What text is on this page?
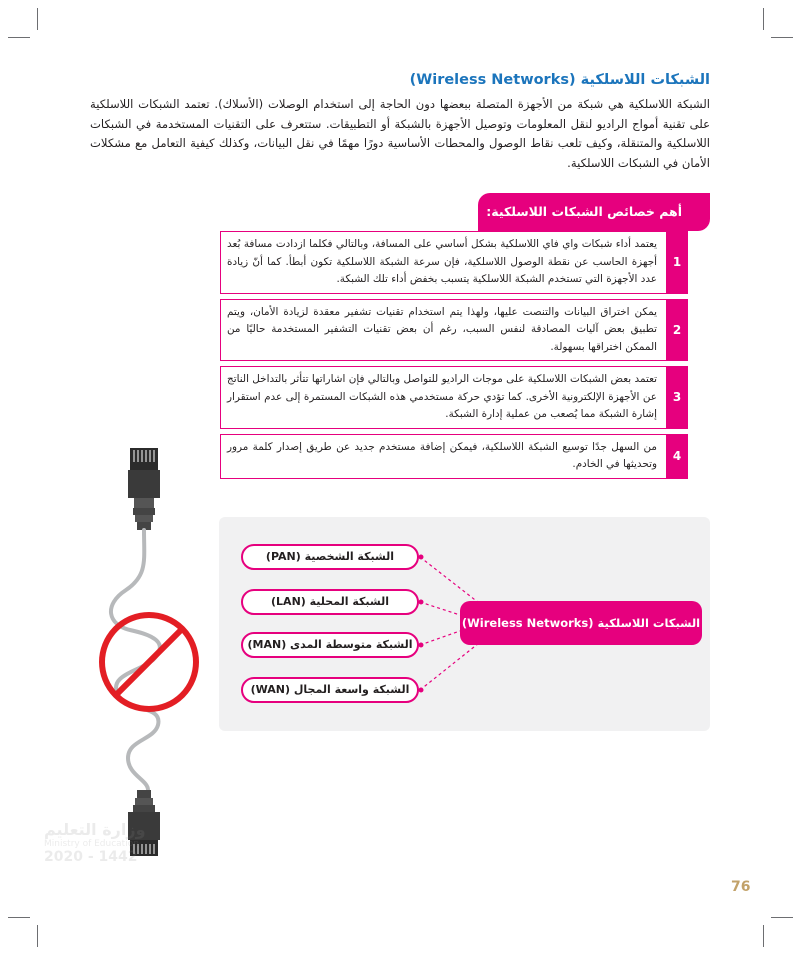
الشبكات اللاسلكية (Wireless Networks)
الشبكة اللاسلكية هي شبكة من الأجهزة المتصلة ببعضها دون الحاجة إلى استخدام الوصلات (الأسلاك). تعتمد الشبكات اللاسلكية على تقنية أمواج الراديو لنقل المعلومات وتوصيل الأجهزة بالشبكة أو التطبيقات. ستتعرف على التقنيات المستخدمة في الشبكات اللاسلكية والمتنقلة، وكيف تلعب نقاط الوصول والمحطات الأساسية دورًا مهمًا في نقل البيانات، وكذلك كيفية التعامل مع مشكلات الأمان في الشبكات اللاسلكية.
أهم خصائص الشبكات اللاسلكية:
1
يعتمد أداء شبكات واي فاي اللاسلكية بشكل أساسي على المسافة، وبالتالي فكلما ازدادت مسافة بُعد أجهزة الحاسب عن نقطة الوصول اللاسلكية، فإن سرعة الشبكة اللاسلكية تكون أبطأ. كما أنّ زيادة عدد الأجهزة التي تستخدم الشبكة اللاسلكية يتسبب بخفض أداء تلك الشبكة.
2
يمكن اختراق البيانات والتنصت عليها، ولهذا يتم استخدام تقنيات تشفير معقدة لزيادة الأمان، ويتم تطبيق بعض آليات المصادقة لنفس السبب، رغم أن بعض تقنيات التشفير المستخدمة حاليًا من الممكن اختراقها بسهولة.
3
تعتمد بعض الشبكات اللاسلكية على موجات الراديو للتواصل وبالتالي فإن اشاراتها تتأثر بالتداخل الناتج عن الأجهزة الإلكترونية الأخرى. كما تؤدي حركة مستخدمي هذه الشبكات المستمرة إلى عدم استقرار إشارة الشبكة مما يُصعب من عملية إدارة الشبكة.
4
من السهل جدًا توسيع الشبكة اللاسلكية، فيمكن إضافة مستخدم جديد عن طريق إصدار كلمة مرور وتحديثها في الخادم.
الشبكة الشخصية (PAN)
الشبكة المحلية (LAN)
الشبكة متوسطة المدى (MAN)
الشبكة واسعة المجال (WAN)
الشبكات اللاسلكية (Wireless Networks)
وزارة التعليم
Ministry of Education
2020 - 1442
76
